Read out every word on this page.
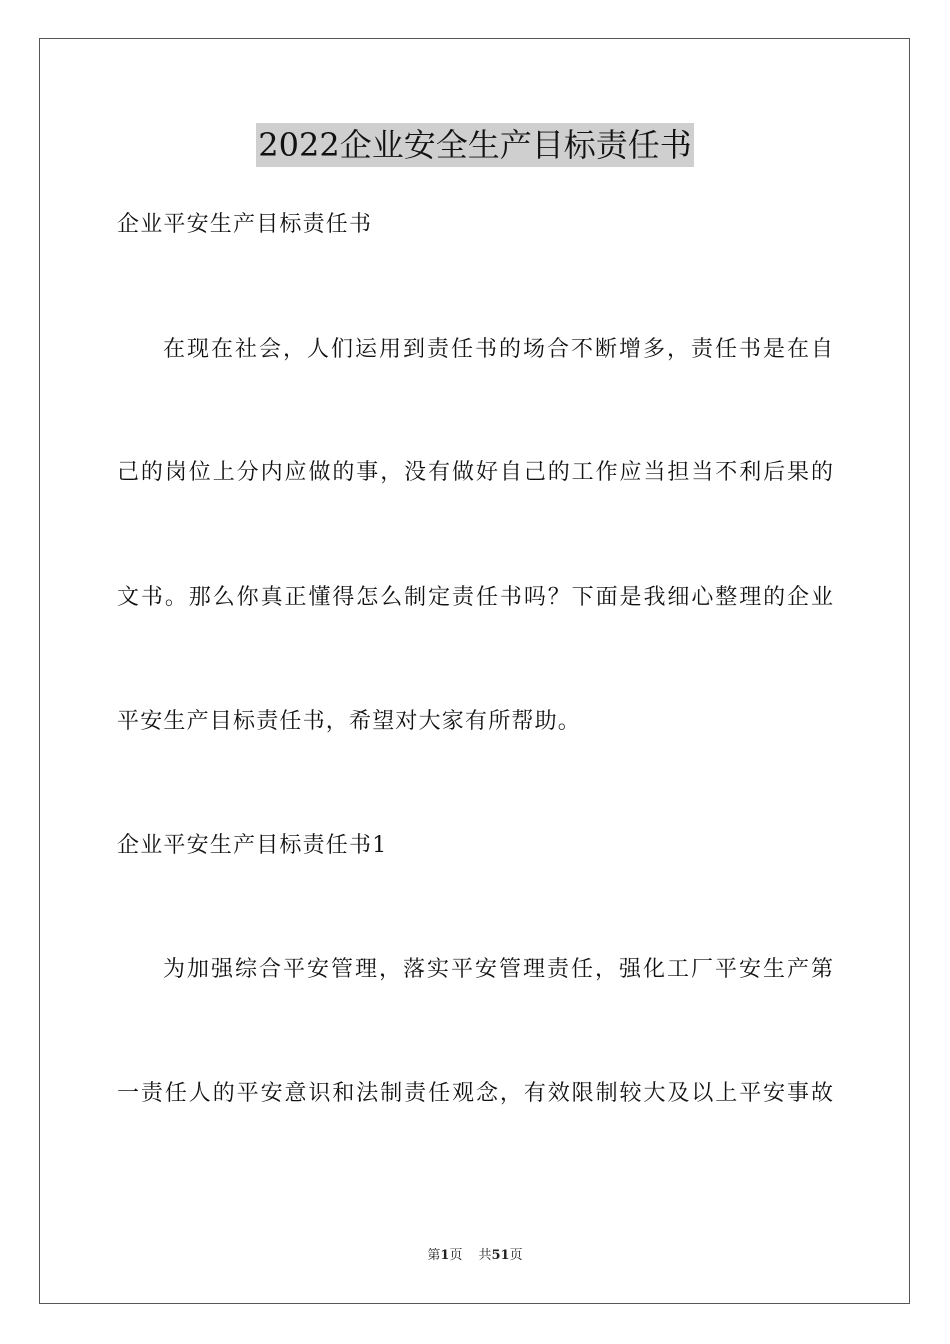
2022企业安全生产目标责任书
企业平安生产目标责任书
在现在社会，人们运用到责任书的场合不断增多，责任书是在自
己的岗位上分内应做的事，没有做好自己的工作应当担当不利后果的
文书。那么你真正懂得怎么制定责任书吗？下面是我细心整理的企业
平安生产目标责任书，希望对大家有所帮助。
企业平安生产目标责任书1
为加强综合平安管理，落实平安管理责任，强化工厂平安生产第
一责任人的平安意识和法制责任观念，有效限制较大及以上平安事故
第1页 共51页
